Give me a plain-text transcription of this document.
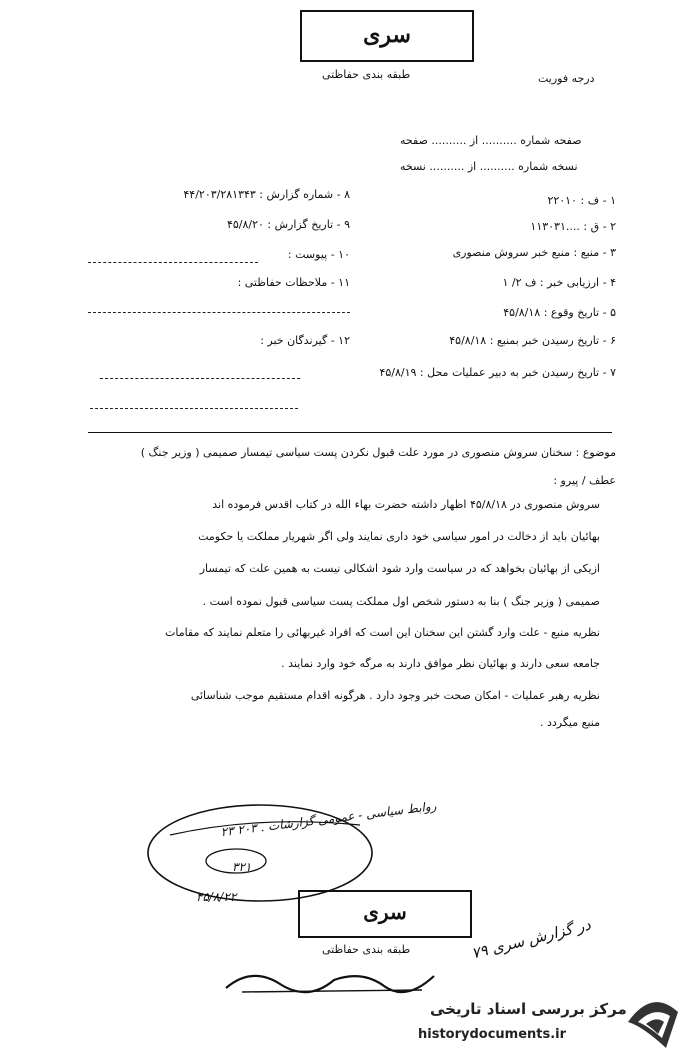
سری
طبقه بندی حفاظتی	درجه فوریت
صفحه شماره .......... از .......... صفحه
نسخه شماره .......... از .......... نسخه
۱ - ف : ۲۲۰۱۰
۲ - ق : ....۱۱۳۰۳۱
۳ - منبع : منبع خبر سروش منصوری
۴ - ارزیابی خبر : ف ۲/ ۱
۵ - تاریخ وقوع : ۴۵/۸/۱۸
۶ - تاریخ رسیدن خبر بمنبع : ۴۵/۸/۱۸
۷ - تاریخ رسیدن خبر به دبیر عملیات محل : ۴۵/۸/۱۹
۸ - شماره گزارش : ۴۴/۲۰۳/۲۸۱۳۴۳
۹ - تاریخ گزارش : ۴۵/۸/۲۰
۱۰ - پیوست :
۱۱ - ملاحظات حفاظتی :
۱۲ - گیرندگان خبر :
موضوع : سخنان سروش منصوری در مورد علت قبول نکردن پست سیاسی تیمسار صمیمی ( وزیر جنگ )
عطف / پیرو :
سروش منصوری در ۴۵/۸/۱۸ اظهار داشته حضرت بهاء الله در کتاب اقدس فرموده اند
بهائیان باید از دخالت در امور سیاسی خود داری نمایند ولی اگر شهریار مملکت یا حکومت
ازیکی از بهائیان بخواهد که در سیاست وارد شود اشکالی نیست به همین علت که تیمسار
صمیمی ( وزیر جنگ ) بنا به دستور شخص اول مملکت پست سیاسی قبول نموده است .
نظریه منبع - علت وارد گشتن این سخنان این است که افراد غیربهائی را متعلم نمایند که مقامات
جامعه سعی دارند و بهائیان نظر موافق دارند به مرگه خود وارد نمایند .
نظریه رهبر عملیات - امکان صحت خبر وجود دارد . هرگونه اقدام مستقیم موجب شناسائی
منبع میگردد .
روابط سیاسی - عمومی گزارشات . ۲۰۳ ۲۳
۳۲۱
۴۵/۸/۲۲
سری
طبقه بندی حفاظتی	در گزارش سری ۷۹
مرکز بررسی اسناد تاریخی
historydocuments.ir
